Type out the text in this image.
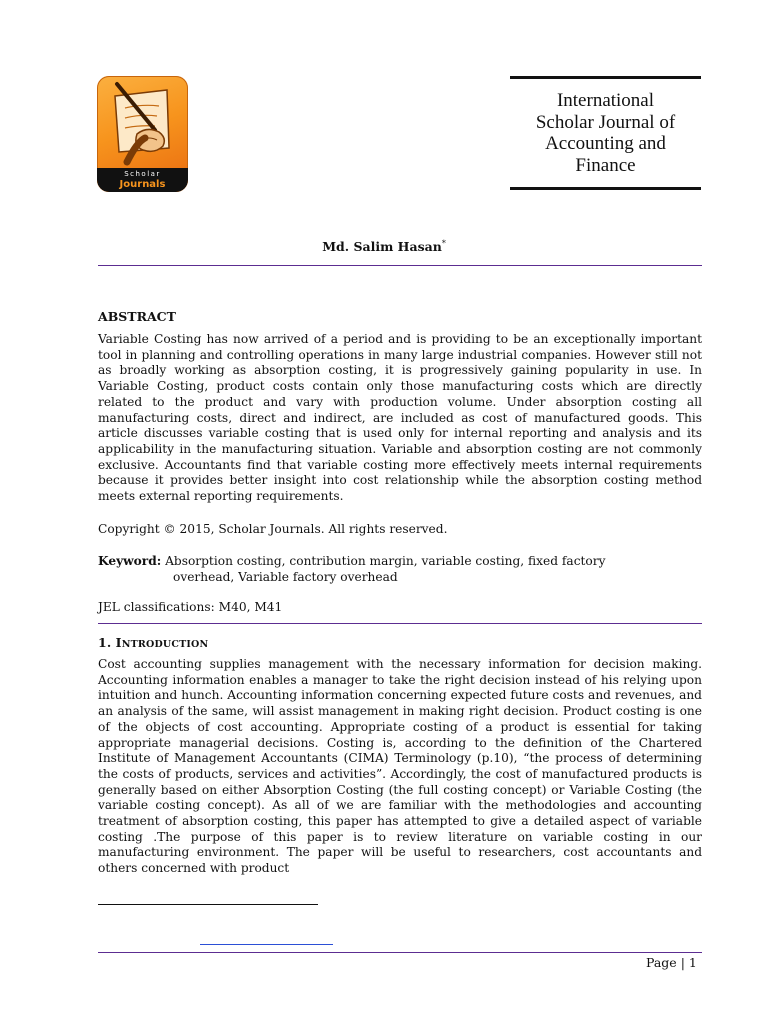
Scholar
Journals
International
Scholar Journal of
Accounting and
Finance
Md. Salim Hasan*
ABSTRACT

Variable Costing has now arrived of a period and is providing to be an exceptionally important tool in planning and controlling operations in many large industrial companies. However still not as broadly working as absorption costing, it is progressively gaining popularity in use. In Variable Costing, product costs contain only those manufacturing costs which are directly related to the product and vary with production volume. Under absorption costing all manufacturing costs, direct and indirect, are included as cost of manufactured goods. This article discusses variable costing that is used only for internal reporting and analysis and its applicability in the manufacturing situation. Variable and absorption costing are not commonly exclusive. Accountants find that variable costing more effectively meets internal requirements because it provides better insight into cost relationship while the absorption costing method meets external reporting requirements.

Copyright © 2015, Scholar Journals. All rights reserved.
Keyword: Absorption costing, contribution margin, variable costing, fixed factory
overhead, Variable factory overhead
JEL classifications: M40, M41
1. INTRODUCTION

Cost accounting supplies management with the necessary information for decision making. Accounting information enables a manager to take the right decision instead of his relying upon intuition and hunch. Accounting information concerning expected future costs and revenues, and an analysis of the same, will assist management in making right decision. Product costing is one of the objects of cost accounting. Appropriate costing of a product is essential for taking appropriate managerial decisions. Costing is, according to the definition of the Chartered Institute of Management Accountants (CIMA) Terminology (p.10), “the process of determining the costs of products, services and activities”. Accordingly, the cost of manufactured products is generally based on either Absorption Costing (the full costing concept) or Variable Costing (the variable costing concept). As all of we are familiar with the methodologies and accounting treatment of absorption costing, this paper has attempted to give a detailed aspect of variable costing .The purpose of this paper is to review literature on variable costing in our manufacturing environment. The paper will be useful to researchers, cost accountants and others concerned with product

Page | 1
